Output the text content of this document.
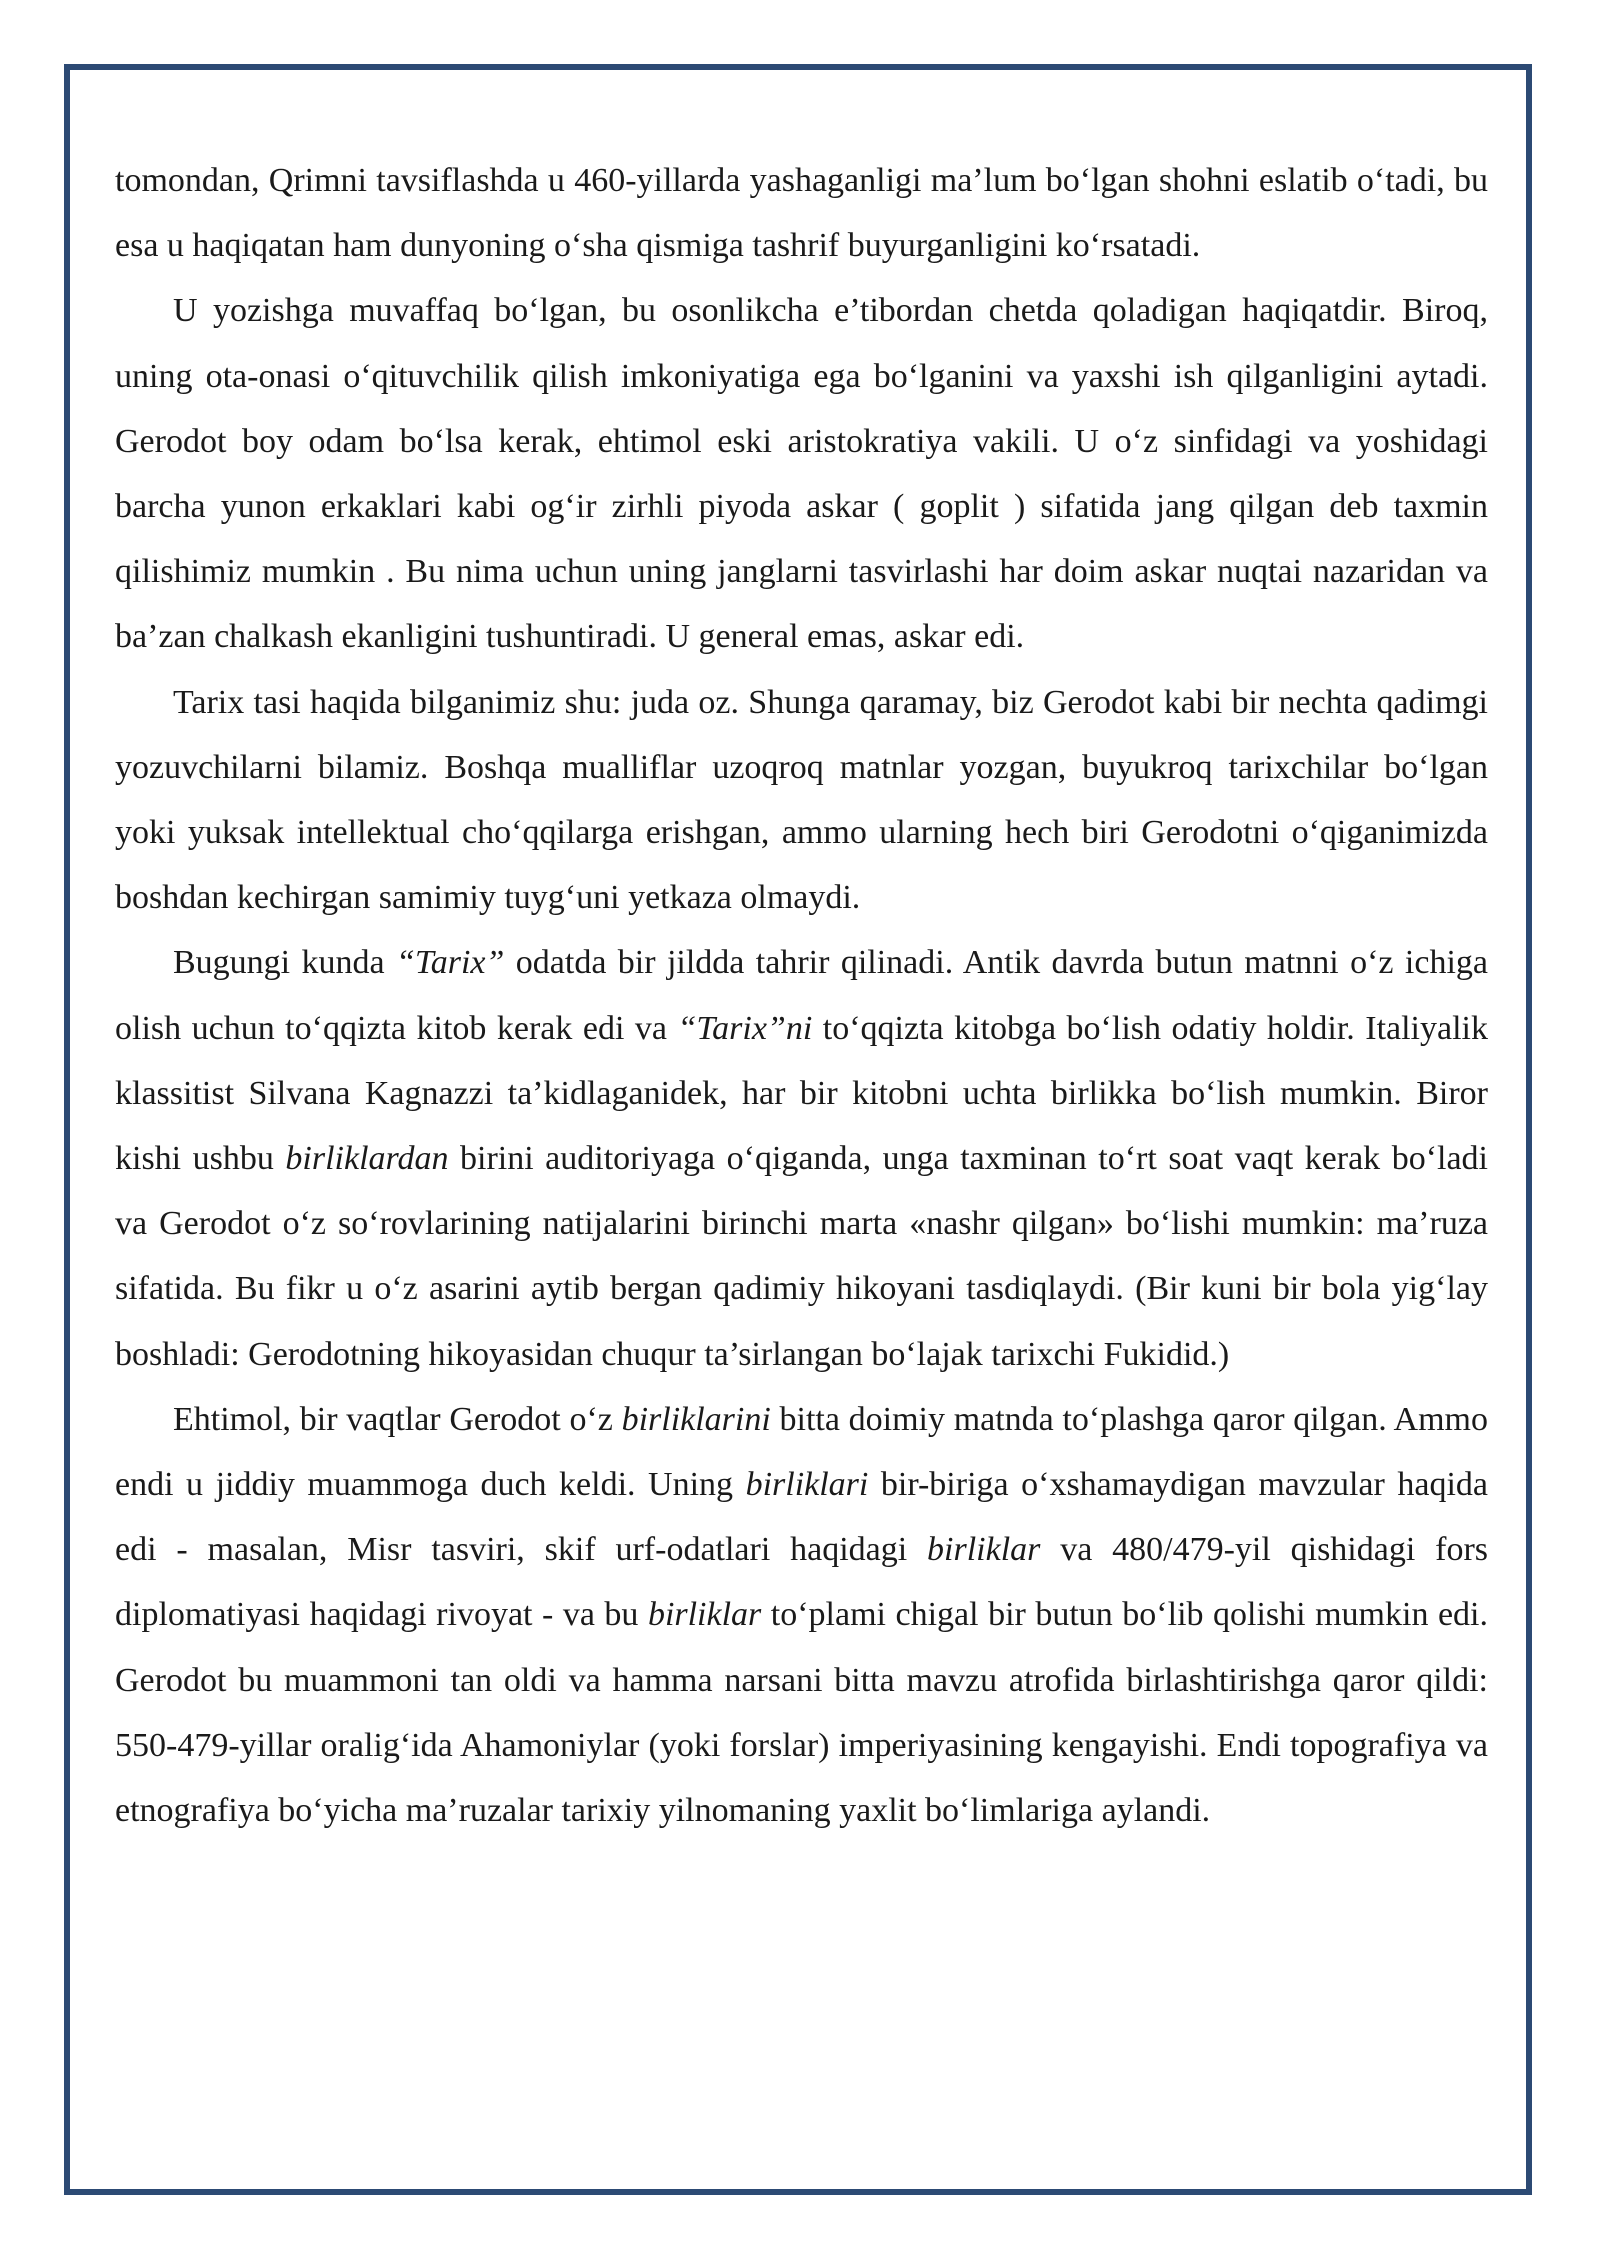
tomondan, Qrimni tavsiflashda u 460-yillarda yashaganligi ma’lum bo‘lgan shohni eslatib o‘tadi, bu esa u haqiqatan ham dunyoning o‘sha qismiga tashrif buyurganligini ko‘rsatadi.

U yozishga muvaffaq bo‘lgan, bu osonlikcha e’tibordan chetda qoladigan haqiqatdir. Biroq, uning ota-onasi o‘qituvchilik qilish imkoniyatiga ega bo‘lganini va yaxshi ish qilganligini aytadi. Gerodot boy odam bo‘lsa kerak, ehtimol eski aristokratiya vakili. U o‘z sinfidagi va yoshidagi barcha yunon erkaklari kabi og‘ir zirhli piyoda askar ( goplit ) sifatida jang qilgan deb taxmin qilishimiz mumkin . Bu nima uchun uning janglarni tasvirlashi har doim askar nuqtai nazaridan va ba’zan chalkash ekanligini tushuntiradi. U general emas, askar edi.

Tarix tasi haqida bilganimiz shu: juda oz. Shunga qaramay, biz Gerodot kabi bir nechta qadimgi yozuvchilarni bilamiz. Boshqa mualliflar uzoqroq matnlar yozgan, buyukroq tarixchilar bo‘lgan yoki yuksak intellektual cho‘qqilarga erishgan, ammo ularning hech biri Gerodotni o‘qiganimizda boshdan kechirgan samimiy tuyg‘uni yetkaza olmaydi.

Bugungi kunda “Tarix” odatda bir jildda tahrir qilinadi. Antik davrda butun matnni o‘z ichiga olish uchun to‘qqizta kitob kerak edi va “Tarix”ni to‘qqizta kitobga bo‘lish odatiy holdir. Italiyalik klassitist Silvana Kagnazzi ta’kidlaganidek, har bir kitobni uchta birlikka bo‘lish mumkin. Biror kishi ushbu birliklardan birini auditoriyaga o‘qiganda, unga taxminan to‘rt soat vaqt kerak bo‘ladi va Gerodot o‘z so‘rovlarining natijalarini birinchi marta «nashr qilgan» bo‘lishi mumkin: ma’ruza sifatida. Bu fikr u o‘z asarini aytib bergan qadimiy hikoyani tasdiqlaydi. (Bir kuni bir bola yig‘lay boshladi: Gerodotning hikoyasidan chuqur ta’sirlangan bo‘lajak tarixchi Fukidid.)

Ehtimol, bir vaqtlar Gerodot o‘z birliklarini bitta doimiy matnda to‘plashga qaror qilgan. Ammo endi u jiddiy muammoga duch keldi. Uning birliklari bir-biriga o‘xshamaydigan mavzular haqida edi - masalan, Misr tasviri, skif urf-odatlari haqidagi birliklar va 480/479-yil qishidagi fors diplomatiyasi haqidagi rivoyat - va bu birliklar to‘plami chigal bir butun bo‘lib qolishi mumkin edi. Gerodot bu muammoni tan oldi va hamma narsani bitta mavzu atrofida birlashtirishga qaror qildi: 550-479-yillar oralig‘ida Ahamoniylar (yoki forslar) imperiyasining kengayishi. Endi topografiya va etnografiya bo‘yicha ma’ruzalar tarixiy yilnomaning yaxlit bo‘limlariga aylandi.
